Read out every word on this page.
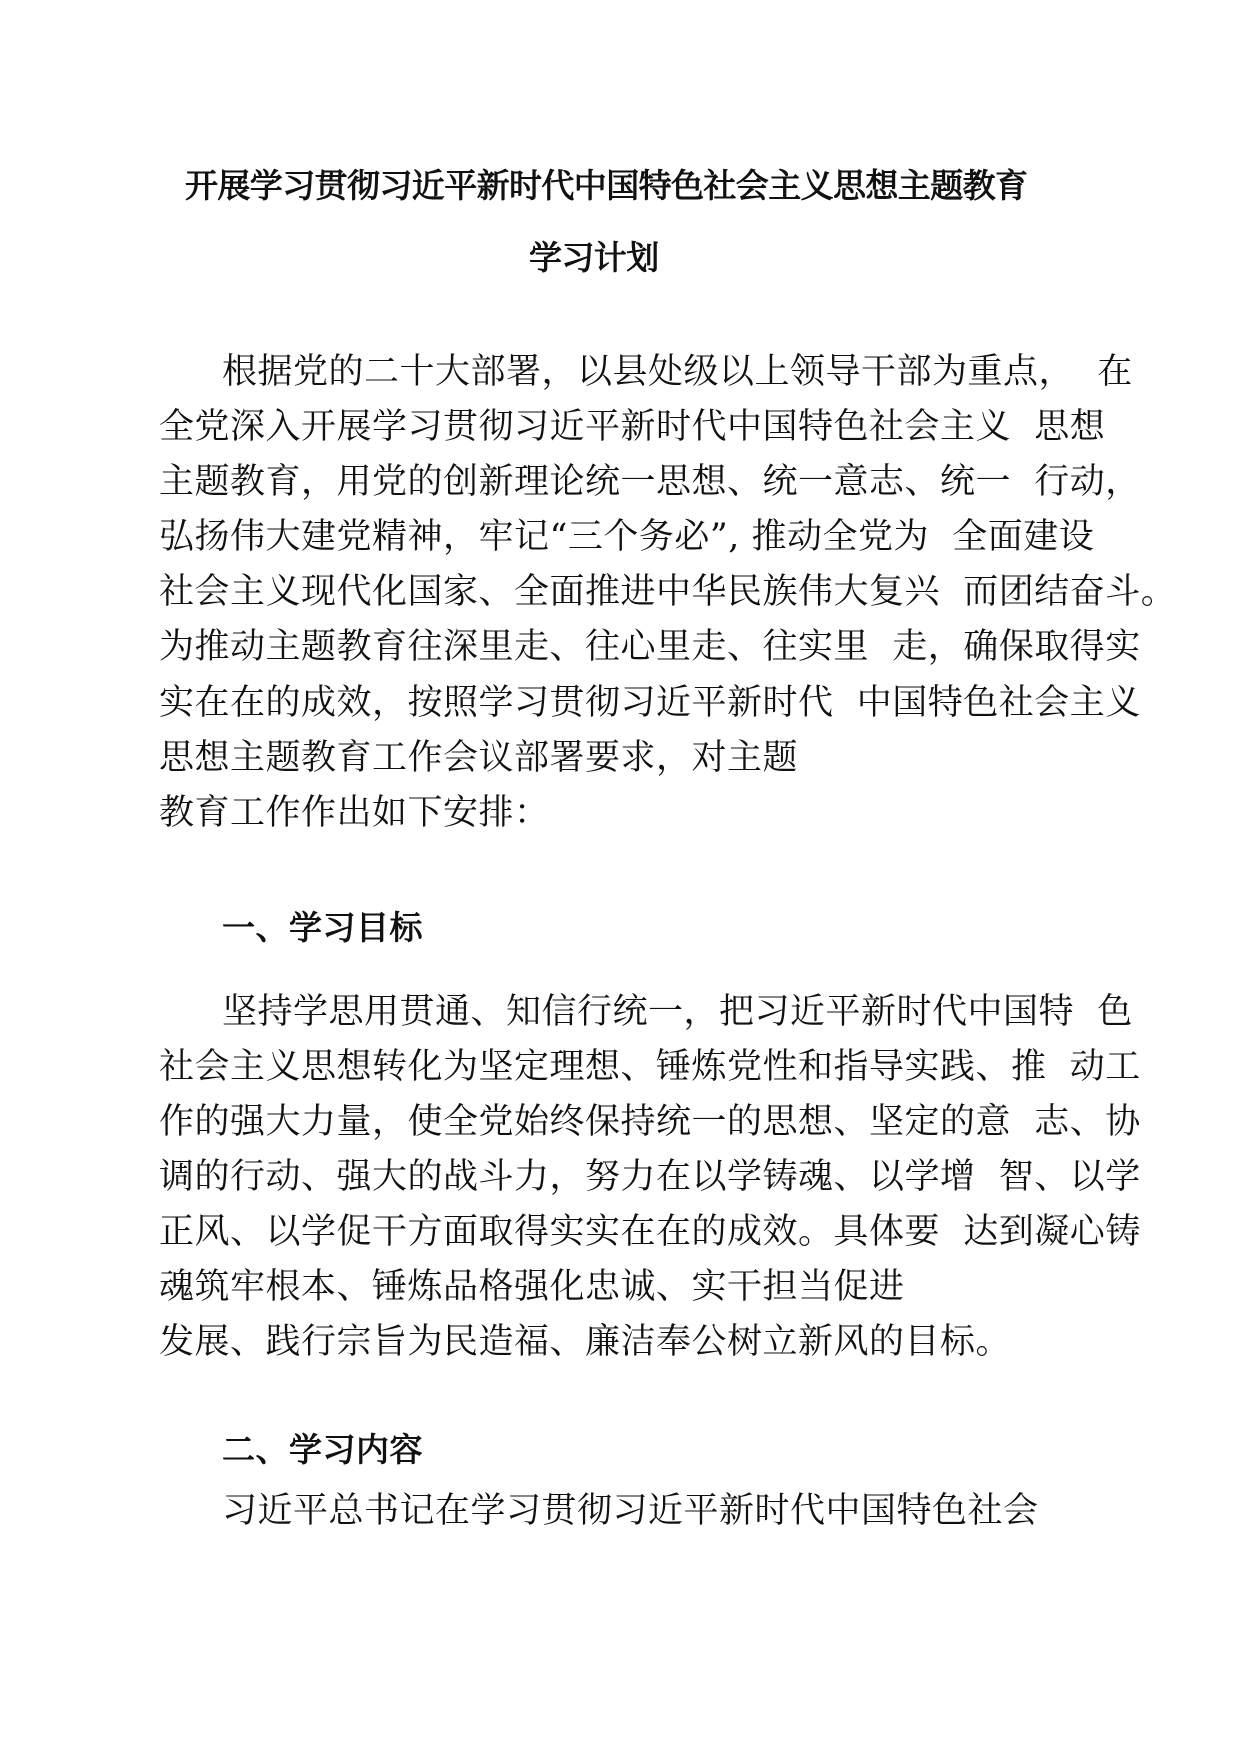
开展学习贯彻习近平新时代中国特色社会主义思想主题教育
学习计划
根据党的二十大部署，以县处级以上领导干部为重点，  在
全党深入开展学习贯彻习近平新时代中国特色社会主义  思想
主题教育，用党的创新理论统一思想、统一意志、统一  行动，
弘扬伟大建党精神，牢记“三个务必”, 推动全党为  全面建设
社会主义现代化国家、全面推进中华民族伟大复兴  而团结奋斗。
为推动主题教育往深里走、往心里走、往实里  走，确保取得实
实在在的成效，按照学习贯彻习近平新时代  中国特色社会主义
思想主题教育工作会议部署要求，对主题
教育工作作出如下安排：
一、学习目标
坚持学思用贯通、知信行统一，把习近平新时代中国特  色
社会主义思想转化为坚定理想、锤炼党性和指导实践、推  动工
作的强大力量，使全党始终保持统一的思想、坚定的意  志、协
调的行动、强大的战斗力，努力在以学铸魂、以学增  智、以学
正风、以学促干方面取得实实在在的成效。具体要  达到凝心铸
魂筑牢根本、锤炼品格强化忠诚、实干担当促进
发展、践行宗旨为民造福、廉洁奉公树立新风的目标。
二、学习内容
习近平总书记在学习贯彻习近平新时代中国特色社会
